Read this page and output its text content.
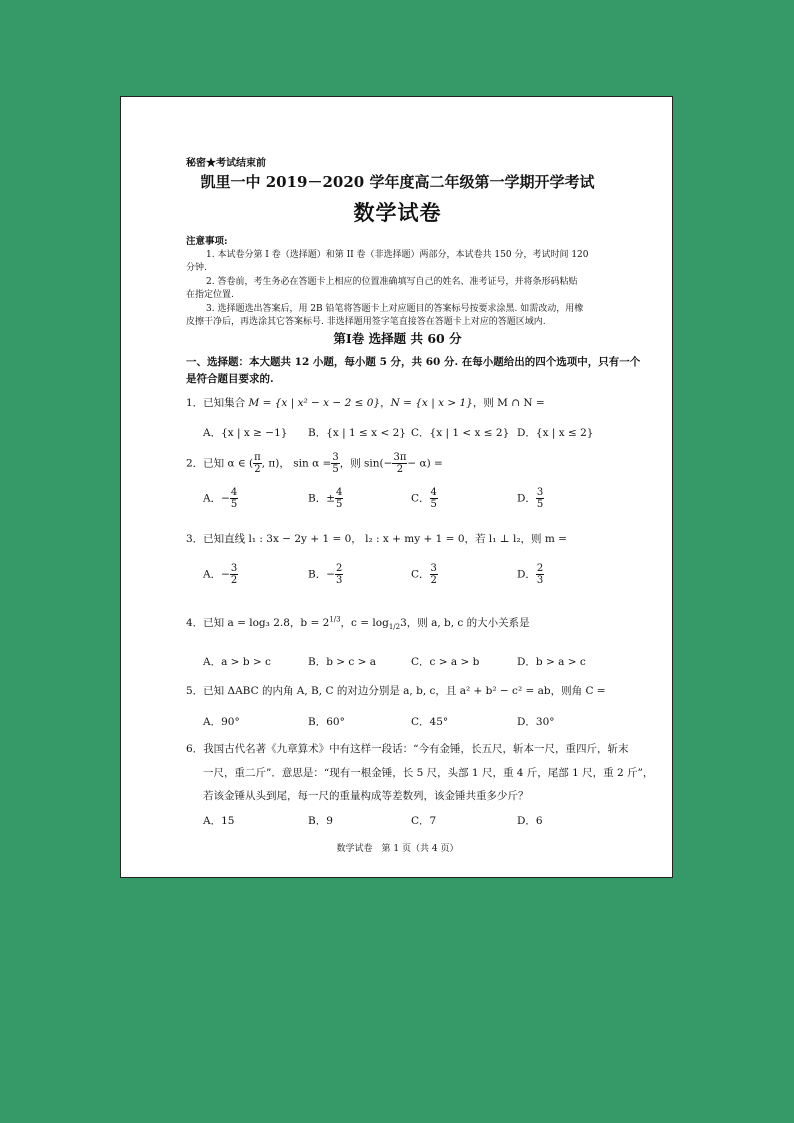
秘密★考试结束前
凯里一中 2019－2020 学年度高二年级第一学期开学考试
数学试卷
注意事项:
1. 本试卷分第 I 卷（选择题）和第 II 卷（非选择题）两部分，本试卷共 150 分，考试时间 120
分钟.
2. 答卷前，考生务必在答题卡上相应的位置准确填写自己的姓名、准考证号，并将条形码粘贴
在指定位置.
3. 选择题选出答案后，用 2B 铅笔将答题卡上对应题目的答案标号按要求涂黑. 如需改动，用橡
皮擦干净后，再选涂其它答案标号. 非选择题用签字笔直接答在答题卡上对应的答题区域内.
第Ⅰ卷 选择题 共 60 分
一、选择题：本大题共 12 小题，每小题 5 分，共 60 分. 在每小题给出的四个选项中，只有一个
是符合题目要求的.
1．已知集合 M = {x | x² − x − 2 ≤ 0}，N = {x | x > 1}，则 M ∩ N =
A．{x | x ≥ −1} B．{x | 1 ≤ x < 2} C．{x | 1 < x ≤ 2} D．{x | x ≤ 2}
2．已知 α ∈ ( $\frac{\pi}{2}$ , π)， $\sin \alpha = \frac{3}{5}$ ，则 $\sin(- \frac{3\pi}{2} - \alpha)$ =
A．− $\frac{4}{5}$	B．± $\frac{4}{5}$	C． $\frac{4}{5}$	D． $\frac{3}{5}$
3．已知直线 l₁ : 3x − 2y + 1 = 0， l₂ : x + my + 1 = 0，若 l₁ ⊥ l₂，则 m =
A．− $\frac{3}{2}$	B．− $\frac{2}{3}$	C． $\frac{3}{2}$	D． $\frac{2}{3}$
4．已知 a = log₃ 2.8，$b = 2^{1/3}$，$c = \log_{1/2}3$，则 a, b, c 的大小关系是
A．a > b > c	B．b > c > a	C．c > a > b	D．b > a > c
5．已知 ΔABC 的内角 A, B, C 的对边分别是 a, b, c，且 a² + b² − c² = ab，则角 C =
A．90°	B．60°	C．45°	D．30°
6．我国古代名著《九章算术》中有这样一段话：“今有金锤，长五尺，斩本一尺，重四斤，斩末
一尺，重二斤”．意思是：“现有一根金锤，长 5 尺，头部 1 尺，重 4 斤，尾部 1 尺，重 2 斤”，
若该金锤从头到尾，每一尺的重量构成等差数列，该金锤共重多少斤？
A．15	B．9	C．7	D．6
数学试卷　第 1 页（共 4 页）
